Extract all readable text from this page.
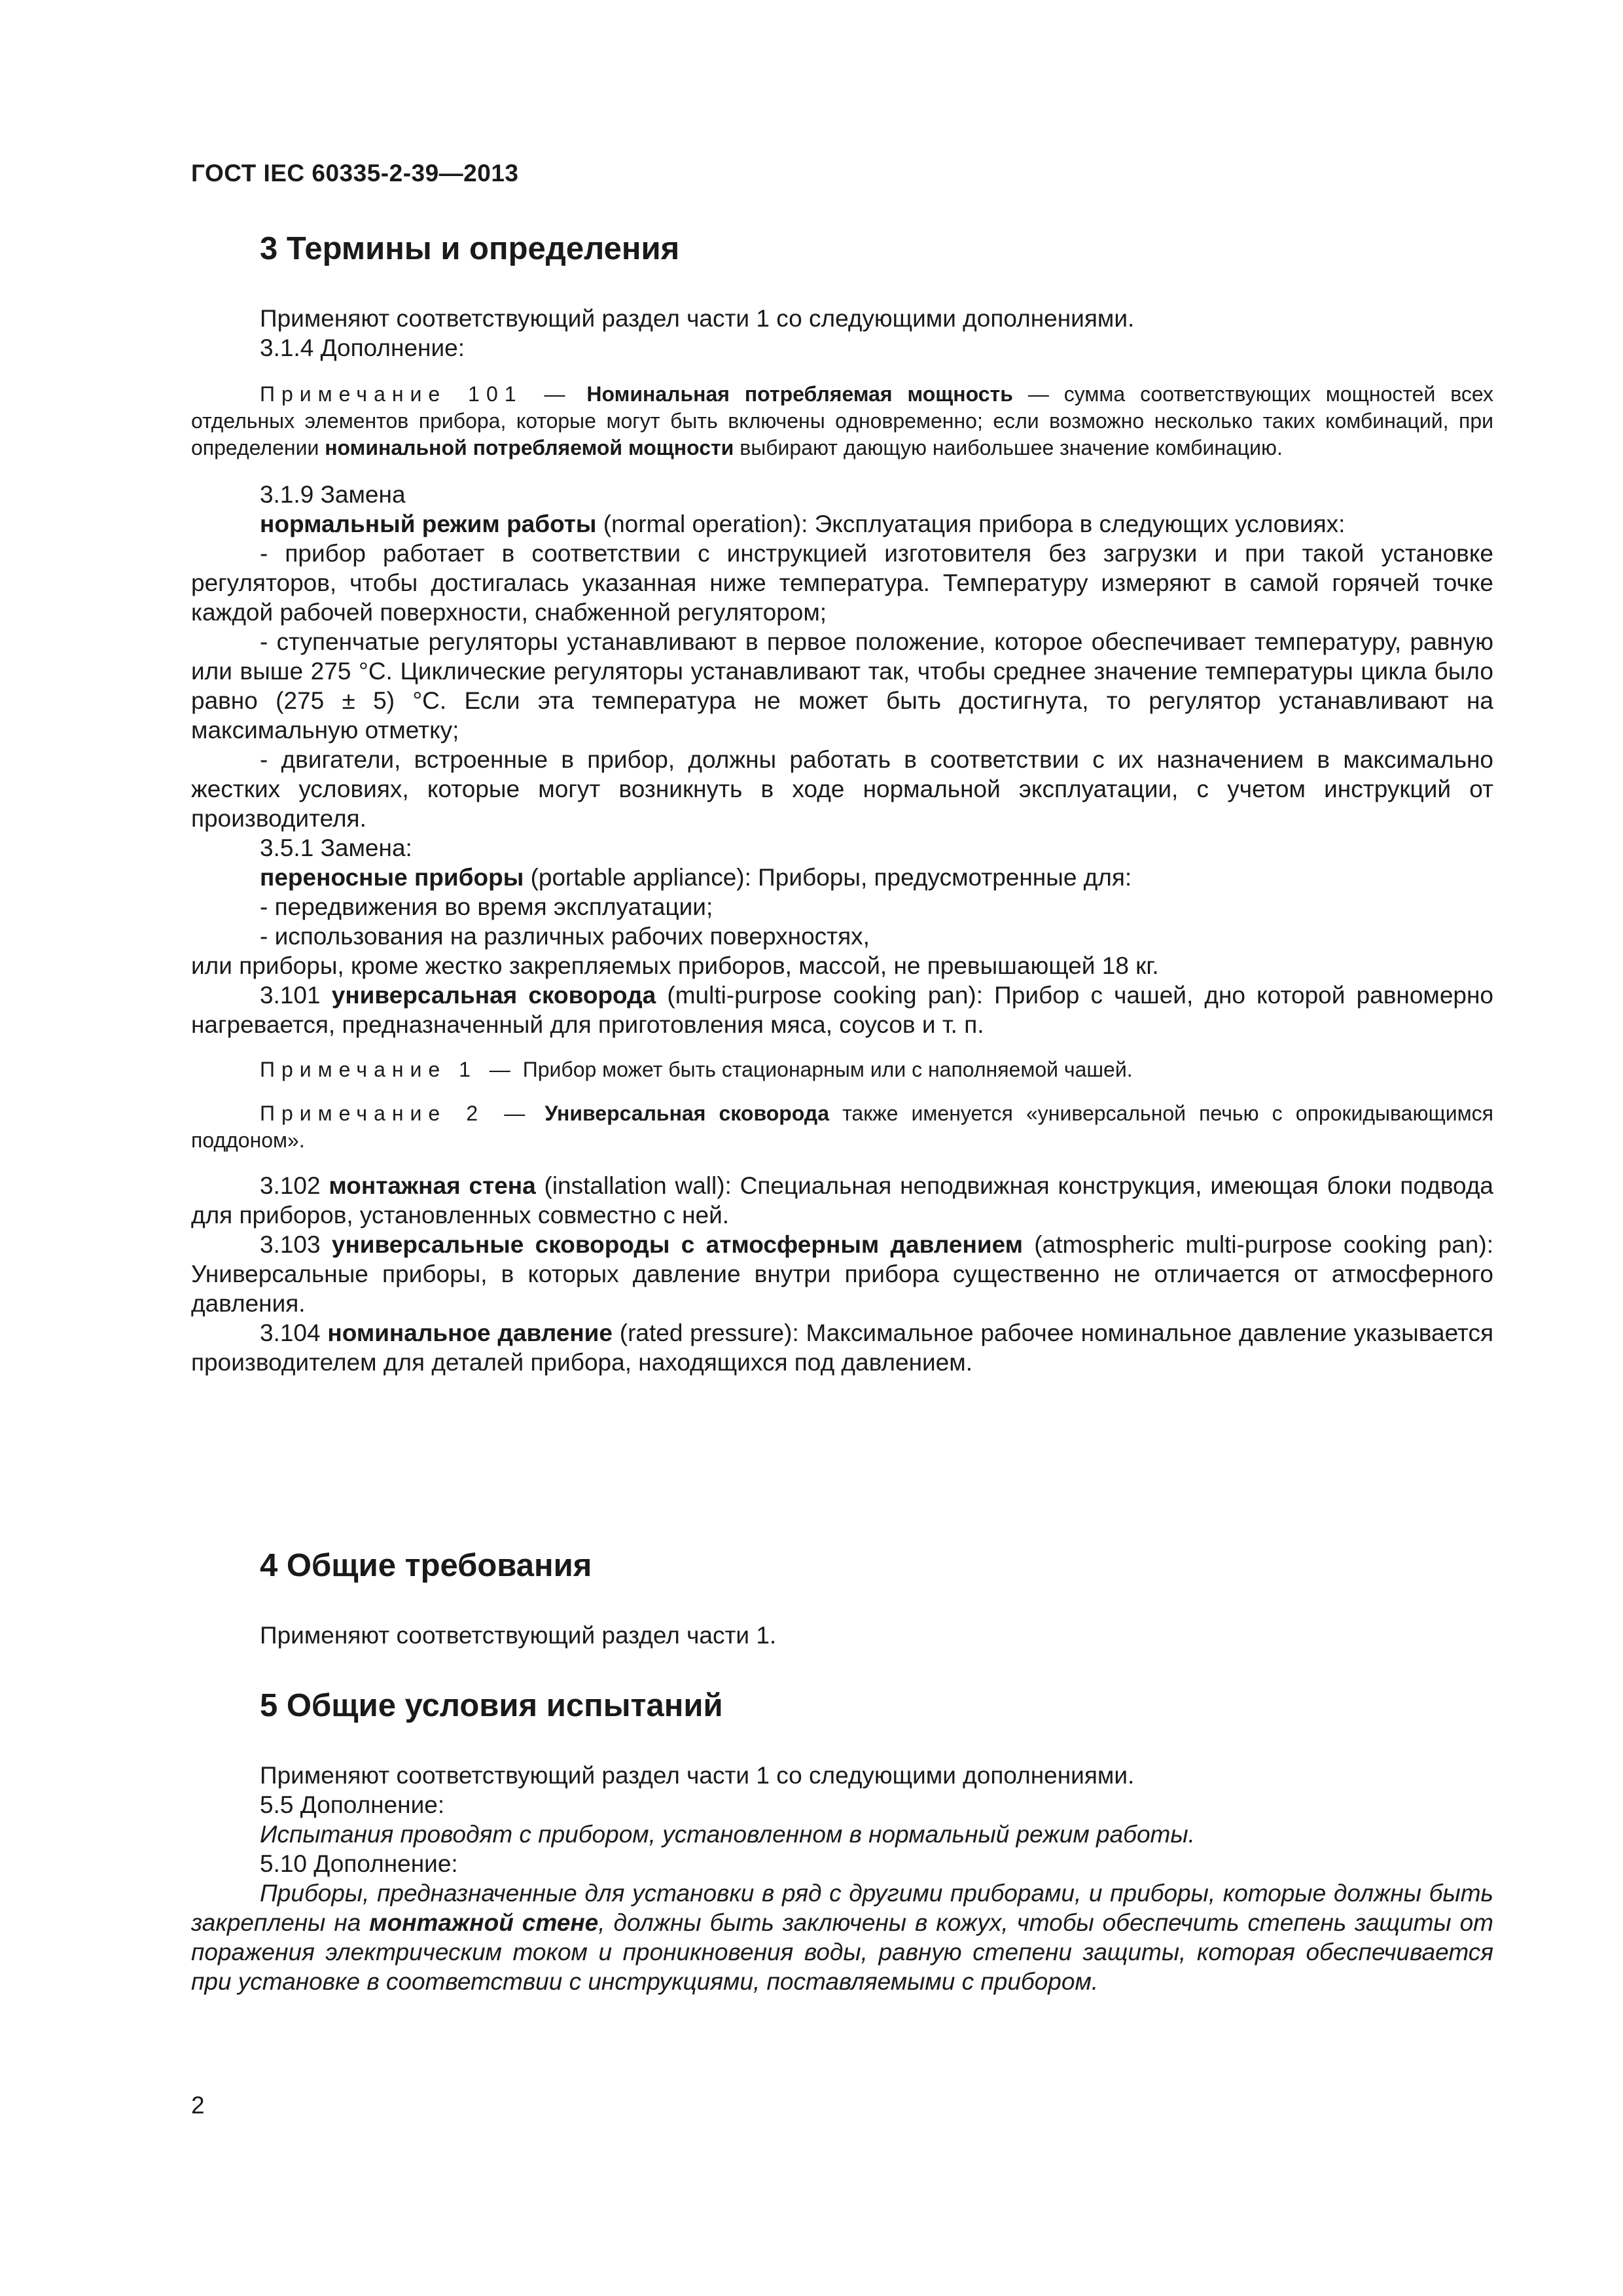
ГОСТ IEC 60335-2-39—2013
3 Термины и определения

Применяют соответствующий раздел части 1 со следующими дополнениями.

3.1.4 Дополнение:

Примечание 101 — Номинальная потребляемая мощность — сумма соответствующих мощностей всех отдельных элементов прибора, которые могут быть включены одновременно; если возможно несколько таких комбинаций, при определении номинальной потребляемой мощности выбирают дающую наибольшее значение комбинацию.

3.1.9 Замена

нормальный режим работы (normal operation): Эксплуатация прибора в следующих условиях:

- прибор работает в соответствии с инструкцией изготовителя без загрузки и при такой установке регуляторов, чтобы достигалась указанная ниже температура. Температуру измеряют в самой горячей точке каждой рабочей поверхности, снабженной регулятором;

- ступенчатые регуляторы устанавливают в первое положение, которое обеспечивает температуру, равную или выше 275 °С. Циклические регуляторы устанавливают так, чтобы среднее значение температуры цикла было равно (275 ± 5) °С. Если эта температура не может быть достигнута, то регулятор устанавливают на максимальную отметку;

- двигатели, встроенные в прибор, должны работать в соответствии с их назначением в максимально жестких условиях, которые могут возникнуть в ходе нормальной эксплуатации, с учетом инструкций от производителя.

3.5.1 Замена:

переносные приборы (portable appliance): Приборы, предусмотренные для:

- передвижения во время эксплуатации;

- использования на различных рабочих поверхностях,

или приборы, кроме жестко закрепляемых приборов, массой, не превышающей 18 кг.

3.101 универсальная сковорода (multi-purpose cooking pan): Прибор с чашей, дно которой равномерно нагревается, предназначенный для приготовления мяса, соусов и т. п.

Примечание 1 — Прибор может быть стационарным или с наполняемой чашей.

Примечание 2 — Универсальная сковорода также именуется «универсальной печью с опрокидывающимся поддоном».

3.102 монтажная стена (installation wall): Специальная неподвижная конструкция, имеющая блоки подвода для приборов, установленных совместно с ней.

3.103 универсальные сковороды с атмосферным давлением (atmospheric multi-purpose cooking pan): Универсальные приборы, в которых давление внутри прибора существенно не отличается от атмосферного давления.

3.104 номинальное давление (rated pressure): Максимальное рабочее номинальное давление указывается производителем для деталей прибора, находящихся под давлением.

4 Общие требования

Применяют соответствующий раздел части 1.

5 Общие условия испытаний

Применяют соответствующий раздел части 1 со следующими дополнениями.

5.5 Дополнение:

Испытания проводят с прибором, установленном в нормальный режим работы.

5.10 Дополнение:

Приборы, предназначенные для установки в ряд с другими приборами, и приборы, которые должны быть закреплены на монтажной стене, должны быть заключены в кожух, чтобы обеспечить степень защиты от поражения электрическим током и проникновения воды, равную степени защиты, которая обеспечивается при установке в соответствии с инструкциями, поставляемыми с прибором.

2
